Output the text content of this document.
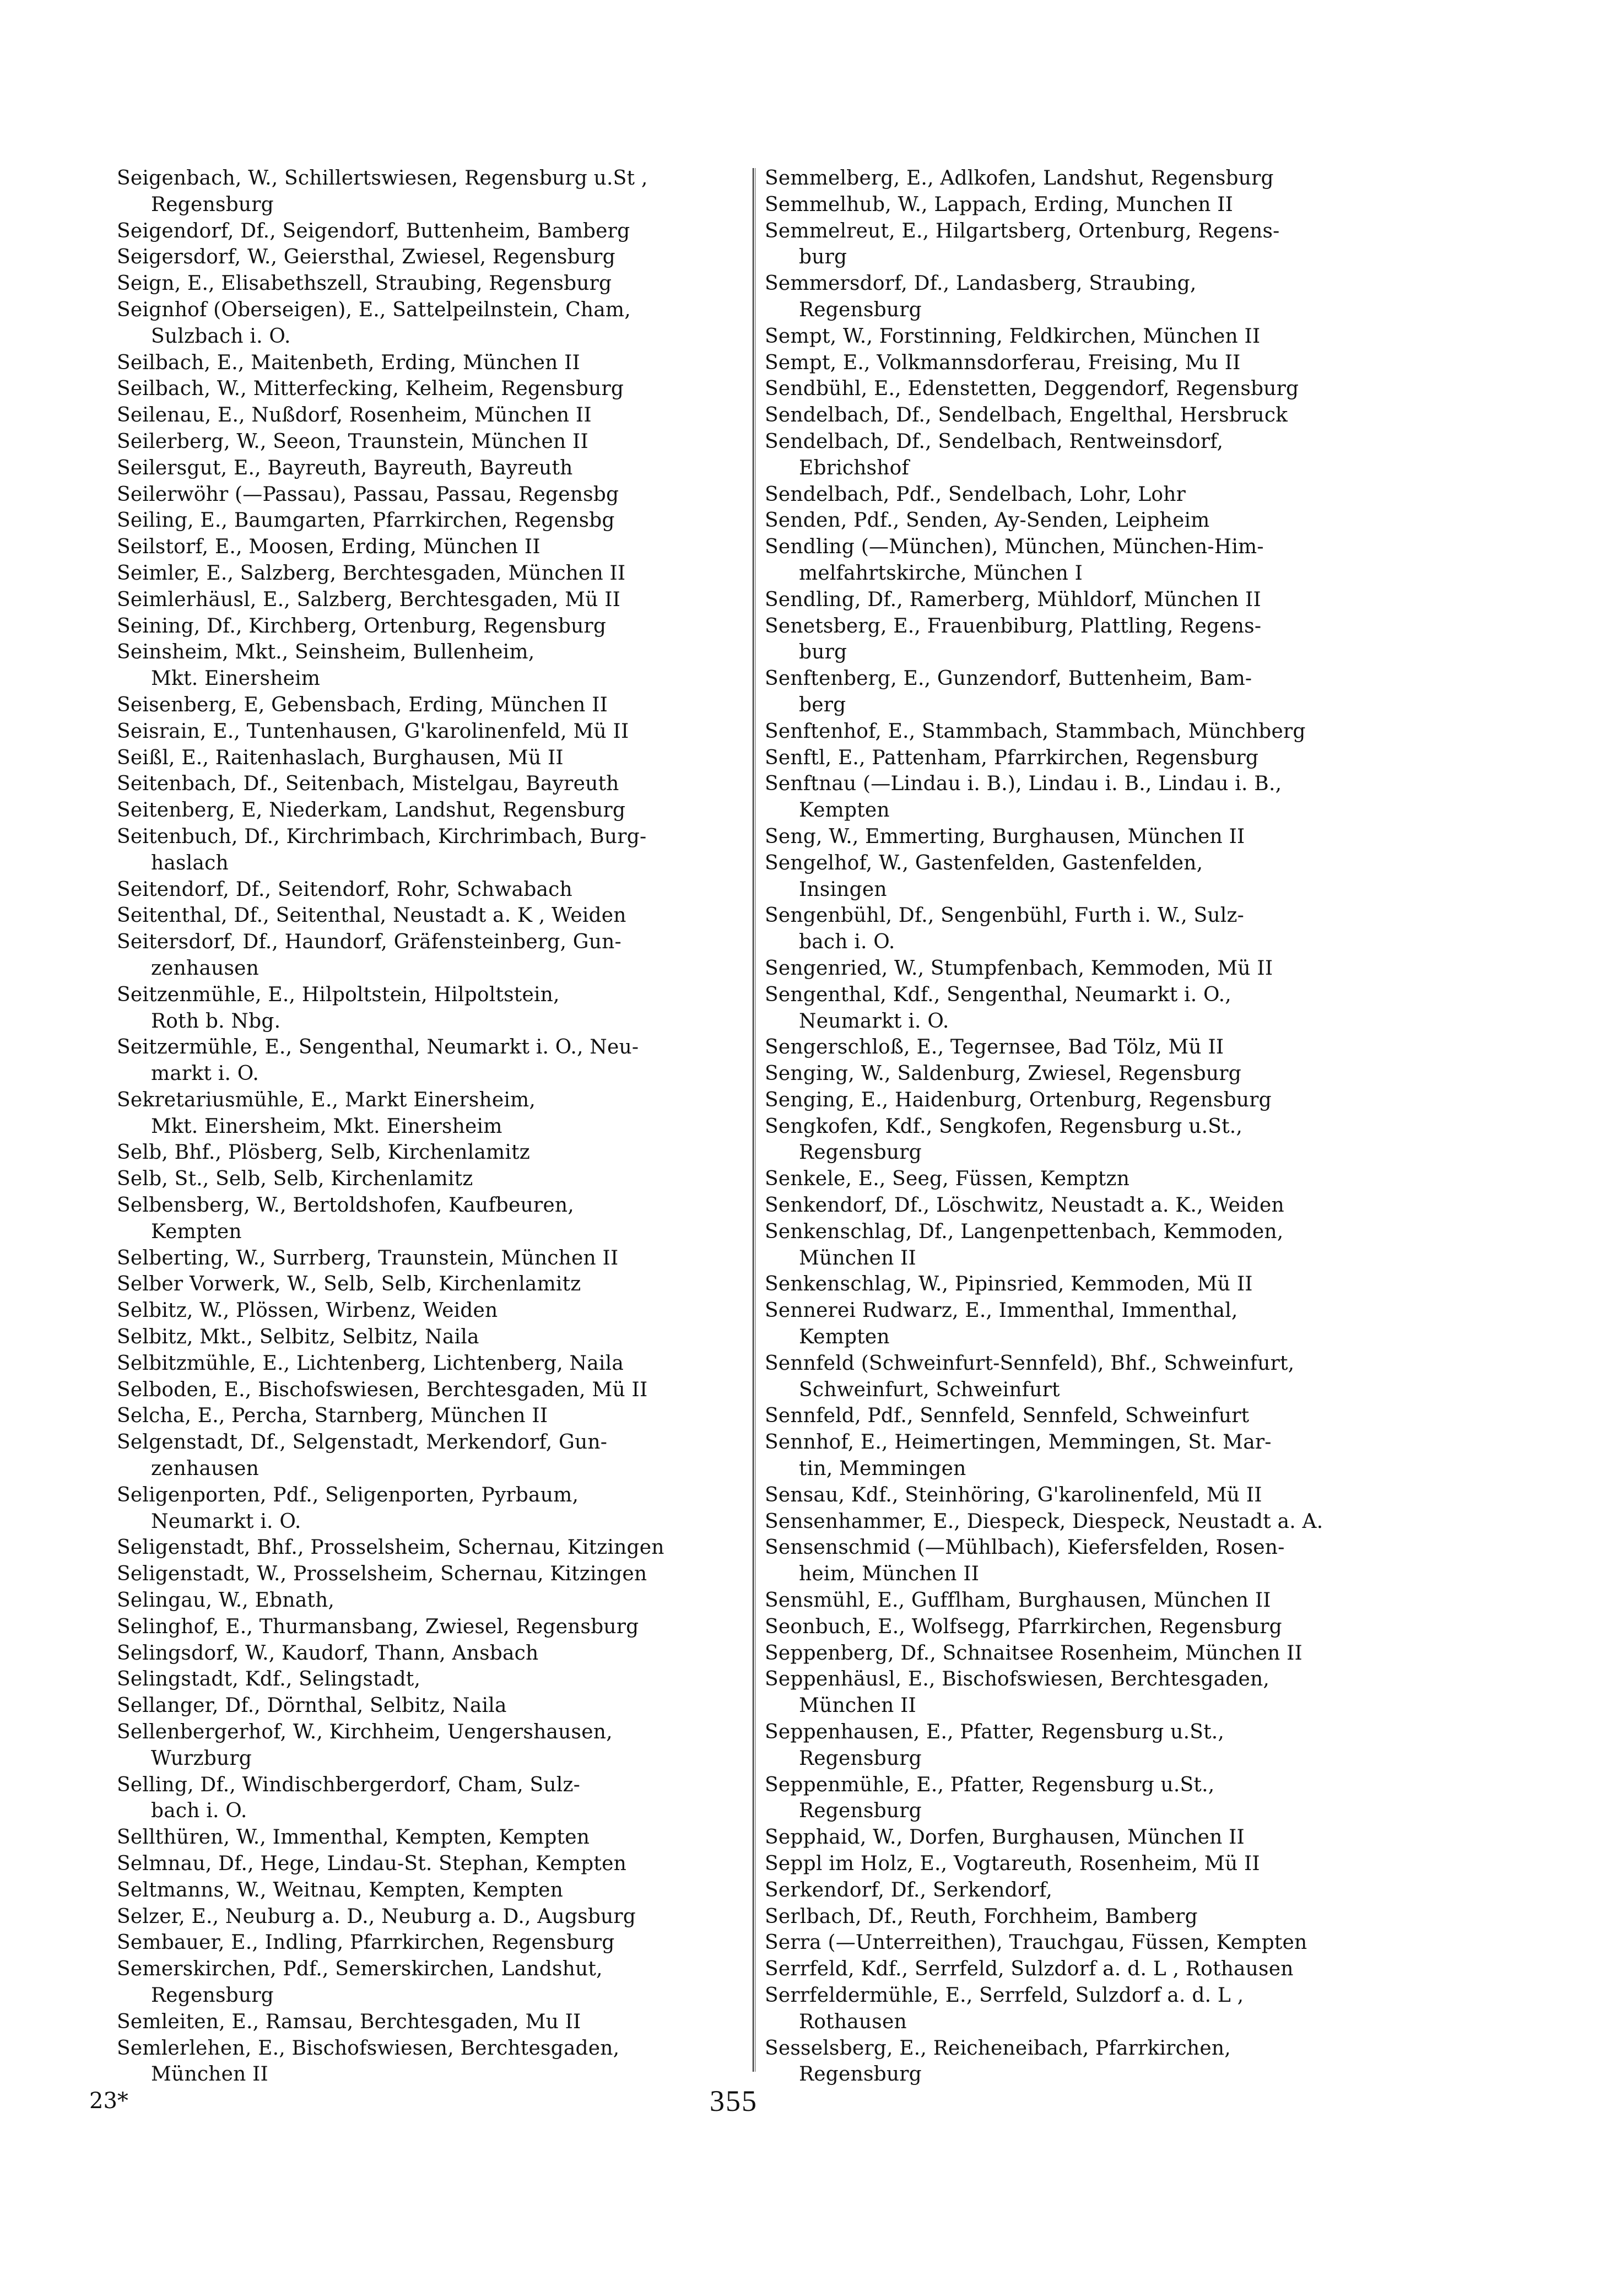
Seigenbach, W., Schillertswiesen, Regensburg u.St ,
Regensburg
Seigendorf, Df., Seigendorf, Buttenheim, Bamberg
Seigersdorf, W., Geiersthal, Zwiesel, Regensburg
Seign, E., Elisabethszell, Straubing, Regensburg
Seignhof (Oberseigen), E., Sattelpeilnstein, Cham,
Sulzbach i. O.
Seilbach, E., Maitenbeth, Erding, München II
Seilbach, W., Mitterfecking, Kelheim, Regensburg
Seilenau, E., Nußdorf, Rosenheim, München II
Seilerberg, W., Seeon, Traunstein, München II
Seilersgut, E., Bayreuth, Bayreuth, Bayreuth
Seilerwöhr (—Passau), Passau, Passau, Regensbg
Seiling, E., Baumgarten, Pfarrkirchen, Regensbg
Seilstorf, E., Moosen, Erding, München II
Seimler, E., Salzberg, Berchtesgaden, München II
Seimlerhäusl, E., Salzberg, Berchtesgaden, Mü II
Seining, Df., Kirchberg, Ortenburg, Regensburg
Seinsheim, Mkt., Seinsheim, Bullenheim,
Mkt. Einersheim
Seisenberg, E, Gebensbach, Erding, München II
Seisrain, E., Tuntenhausen, G'karolinenfeld, Mü II
Seißl, E., Raitenhaslach, Burghausen, Mü II
Seitenbach, Df., Seitenbach, Mistelgau, Bayreuth
Seitenberg, E, Niederkam, Landshut, Regensburg
Seitenbuch, Df., Kirchrimbach, Kirchrimbach, Burg-
haslach
Seitendorf, Df., Seitendorf, Rohr, Schwabach
Seitenthal, Df., Seitenthal, Neustadt a. K , Weiden
Seitersdorf, Df., Haundorf, Gräfensteinberg, Gun-
zenhausen
Seitzenmühle, E., Hilpoltstein, Hilpoltstein,
Roth b. Nbg.
Seitzermühle, E., Sengenthal, Neumarkt i. O., Neu-
markt i. O.
Sekretariusmühle, E., Markt Einersheim,
Mkt. Einersheim, Mkt. Einersheim
Selb, Bhf., Plösberg, Selb, Kirchenlamitz
Selb, St., Selb, Selb, Kirchenlamitz
Selbensberg, W., Bertoldshofen, Kaufbeuren,
Kempten
Selberting, W., Surrberg, Traunstein, München II
Selber Vorwerk, W., Selb, Selb, Kirchenlamitz
Selbitz, W., Plössen, Wirbenz, Weiden
Selbitz, Mkt., Selbitz, Selbitz, Naila
Selbitzmühle, E., Lichtenberg, Lichtenberg, Naila
Selboden, E., Bischofswiesen, Berchtesgaden, Mü II
Selcha, E., Percha, Starnberg, München II
Selgenstadt, Df., Selgenstadt, Merkendorf, Gun-
zenhausen
Seligenporten, Pdf., Seligenporten, Pyrbaum,
Neumarkt i. O.
Seligenstadt, Bhf., Prosselsheim, Schernau, Kitzingen
Seligenstadt, W., Prosselsheim, Schernau, Kitzingen
Selingau, W., Ebnath,
Selinghof, E., Thurmansbang, Zwiesel, Regensburg
Selingsdorf, W., Kaudorf, Thann, Ansbach
Selingstadt, Kdf., Selingstadt,
Sellanger, Df., Dörnthal, Selbitz, Naila
Sellenbergerhof, W., Kirchheim, Uengershausen,
Wurzburg
Selling, Df., Windischbergerdorf, Cham, Sulz-
bach i. O.
Sellthüren, W., Immenthal, Kempten, Kempten
Selmnau, Df., Hege, Lindau-St. Stephan, Kempten
Seltmanns, W., Weitnau, Kempten, Kempten
Selzer, E., Neuburg a. D., Neuburg a. D., Augsburg
Sembauer, E., Indling, Pfarrkirchen, Regensburg
Semerskirchen, Pdf., Semerskirchen, Landshut,
Regensburg
Semleiten, E., Ramsau, Berchtesgaden, Mu II
Semlerlehen, E., Bischofswiesen, Berchtesgaden,
München II
Semmelberg, E., Adlkofen, Landshut, Regensburg
Semmelhub, W., Lappach, Erding, Munchen II
Semmelreut, E., Hilgartsberg, Ortenburg, Regens-
burg
Semmersdorf, Df., Landasberg, Straubing,
Regensburg
Sempt, W., Forstinning, Feldkirchen, München II
Sempt, E., Volkmannsdorferau, Freising, Mu II
Sendbühl, E., Edenstetten, Deggendorf, Regensburg
Sendelbach, Df., Sendelbach, Engelthal, Hersbruck
Sendelbach, Df., Sendelbach, Rentweinsdorf,
Ebrichshof
Sendelbach, Pdf., Sendelbach, Lohr, Lohr
Senden, Pdf., Senden, Ay-Senden, Leipheim
Sendling (—München), München, München-Him-
melfahrtskirche, München I
Sendling, Df., Ramerberg, Mühldorf, München II
Senetsberg, E., Frauenbiburg, Plattling, Regens-
burg
Senftenberg, E., Gunzendorf, Buttenheim, Bam-
berg
Senftenhof, E., Stammbach, Stammbach, Münchberg
Senftl, E., Pattenham, Pfarrkirchen, Regensburg
Senftnau (—Lindau i. B.), Lindau i. B., Lindau i. B.,
Kempten
Seng, W., Emmerting, Burghausen, München II
Sengelhof, W., Gastenfelden, Gastenfelden,
Insingen
Sengenbühl, Df., Sengenbühl, Furth i. W., Sulz-
bach i. O.
Sengenried, W., Stumpfenbach, Kemmoden, Mü II
Sengenthal, Kdf., Sengenthal, Neumarkt i. O.,
Neumarkt i. O.
Sengerschloß, E., Tegernsee, Bad Tölz, Mü II
Senging, W., Saldenburg, Zwiesel, Regensburg
Senging, E., Haidenburg, Ortenburg, Regensburg
Sengkofen, Kdf., Sengkofen, Regensburg u.St.,
Regensburg
Senkele, E., Seeg, Füssen, Kemptzn
Senkendorf, Df., Löschwitz, Neustadt a. K., Weiden
Senkenschlag, Df., Langenpettenbach, Kemmoden,
München II
Senkenschlag, W., Pipinsried, Kemmoden, Mü II
Sennerei Rudwarz, E., Immenthal, Immenthal,
Kempten
Sennfeld (Schweinfurt-Sennfeld), Bhf., Schweinfurt,
Schweinfurt, Schweinfurt
Sennfeld, Pdf., Sennfeld, Sennfeld, Schweinfurt
Sennhof, E., Heimertingen, Memmingen, St. Mar-
tin, Memmingen
Sensau, Kdf., Steinhöring, G'karolinenfeld, Mü II
Sensenhammer, E., Diespeck, Diespeck, Neustadt a. A.
Sensenschmid (—Mühlbach), Kiefersfelden, Rosen-
heim, München II
Sensmühl, E., Gufflham, Burghausen, München II
Seonbuch, E., Wolfsegg, Pfarrkirchen, Regensburg
Seppenberg, Df., Schnaitsee Rosenheim, München II
Seppenhäusl, E., Bischofswiesen, Berchtesgaden,
München II
Seppenhausen, E., Pfatter, Regensburg u.St.,
Regensburg
Seppenmühle, E., Pfatter, Regensburg u.St.,
Regensburg
Sepphaid, W., Dorfen, Burghausen, München II
Seppl im Holz, E., Vogtareuth, Rosenheim, Mü II
Serkendorf, Df., Serkendorf,
Serlbach, Df., Reuth, Forchheim, Bamberg
Serra (—Unterreithen), Trauchgau, Füssen, Kempten
Serrfeld, Kdf., Serrfeld, Sulzdorf a. d. L , Rothausen
Serrfeldermühle, E., Serrfeld, Sulzdorf a. d. L ,
Rothausen
Sesselsberg, E., Reicheneibach, Pfarrkirchen,
Regensburg
23*	355
